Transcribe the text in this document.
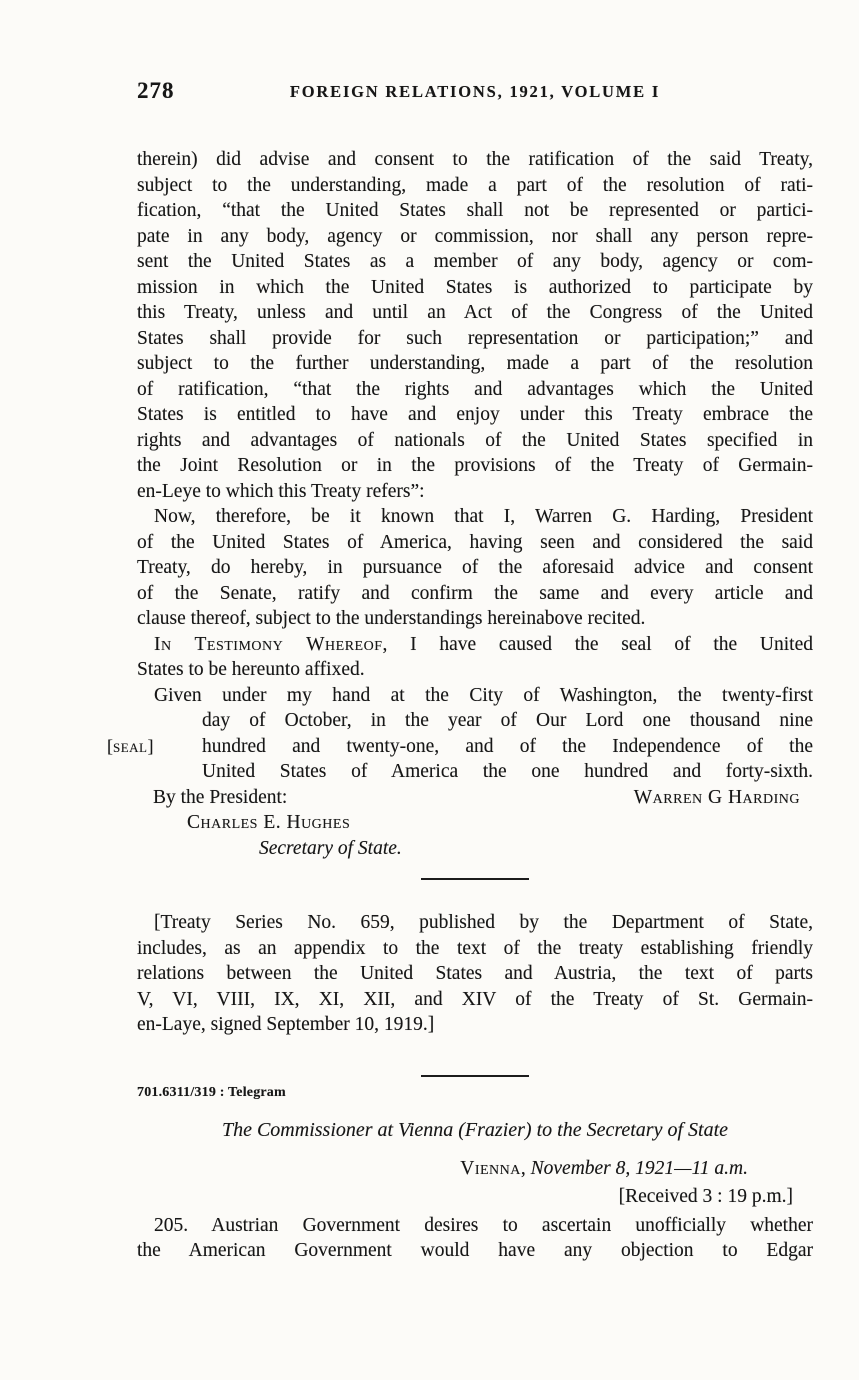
278	FOREIGN RELATIONS, 1921, VOLUME I
therein) did advise and consent to the ratification of the said Treaty,
subject to the understanding, made a part of the resolution of rati-
fication, “that the United States shall not be represented or partici-
pate in any body, agency or commission, nor shall any person repre-
sent the United States as a member of any body, agency or com-
mission in which the United States is authorized to participate by
this Treaty, unless and until an Act of the Congress of the United
States shall provide for such representation or participation;” and
subject to the further understanding, made a part of the resolution
of ratification, “that the rights and advantages which the United
States is entitled to have and enjoy under this Treaty embrace the
rights and advantages of nationals of the United States specified in
the Joint Resolution or in the provisions of the Treaty of Germain-
en-Leye to which this Treaty refers”:
Now, therefore, be it known that I, Warren G. Harding, President
of the United States of America, having seen and considered the said
Treaty, do hereby, in pursuance of the aforesaid advice and consent
of the Senate, ratify and confirm the same and every article and
clause thereof, subject to the understandings hereinabove recited.
In Testimony Whereof, I have caused the seal of the United
States to be hereunto affixed.
Given under my hand at the City of Washington, the twenty-first
[seal]
day of October, in the year of Our Lord one thousand nine
hundred and twenty-one, and of the Independence of the
United States of America the one hundred and forty-sixth.
By the President:	Warren G Harding
Charles E. Hughes
Secretary of State.
[Treaty Series No. 659, published by the Department of State,
includes, as an appendix to the text of the treaty establishing friendly
relations between the United States and Austria, the text of parts
V, VI, VIII, IX, XI, XII, and XIV of the Treaty of St. Germain-
en-Laye, signed September 10, 1919.]
701.6311/319 : Telegram
The Commissioner at Vienna (Frazier) to the Secretary of State
Vienna, November 8, 1921—11 a.m.
[Received 3 : 19 p.m.]
205. Austrian Government desires to ascertain unofficially whether
the American Government would have any objection to Edgar
